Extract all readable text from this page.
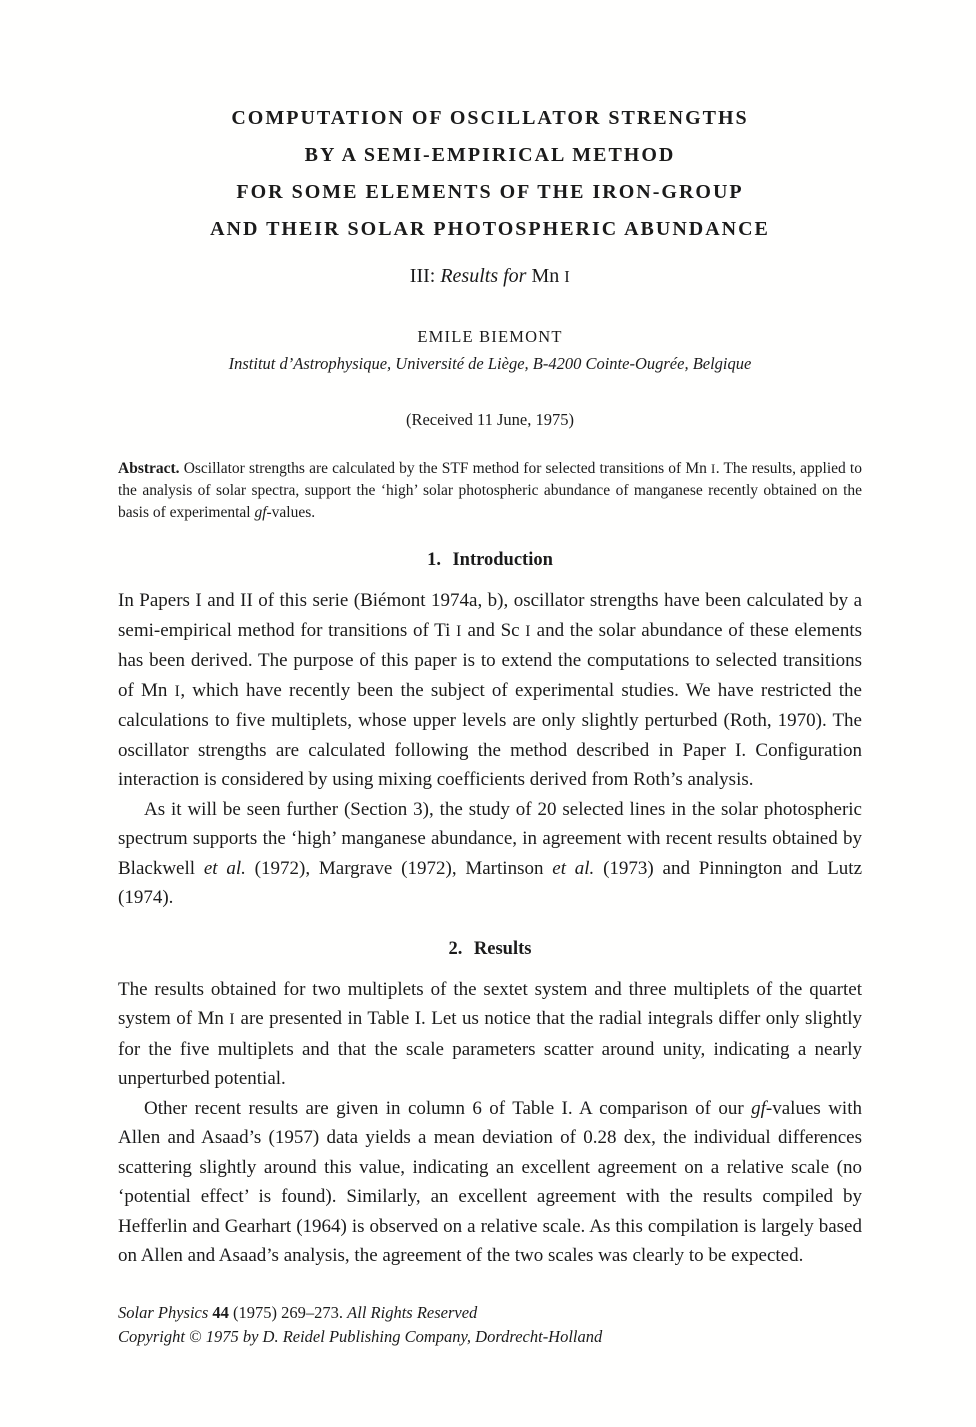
COMPUTATION OF OSCILLATOR STRENGTHS
BY A SEMI-EMPIRICAL METHOD
FOR SOME ELEMENTS OF THE IRON-GROUP
AND THEIR SOLAR PHOTOSPHERIC ABUNDANCE
III: Results for Mn I
EMILE BIEMONT
Institut d’Astrophysique, Université de Liège, B-4200 Cointe-Ougrée, Belgique
(Received 11 June, 1975)
Abstract. Oscillator strengths are calculated by the STF method for selected transitions of Mn I. The results, applied to the analysis of solar spectra, support the ‘high’ solar photospheric abundance of manganese recently obtained on the basis of experimental gf-values.
1. Introduction

In Papers I and II of this serie (Biémont 1974a, b), oscillator strengths have been calculated by a semi-empirical method for transitions of Ti I and Sc I and the solar abundance of these elements has been derived. The purpose of this paper is to extend the computations to selected transitions of Mn I, which have recently been the subject of experimental studies. We have restricted the calculations to five multiplets, whose upper levels are only slightly perturbed (Roth, 1970). The oscillator strengths are calculated following the method described in Paper I. Configuration interaction is considered by using mixing coefficients derived from Roth’s analysis.

As it will be seen further (Section 3), the study of 20 selected lines in the solar photospheric spectrum supports the ‘high’ manganese abundance, in agreement with recent results obtained by Blackwell et al. (1972), Margrave (1972), Martinson et al. (1973) and Pinnington and Lutz (1974).

2. Results

The results obtained for two multiplets of the sextet system and three multiplets of the quartet system of Mn I are presented in Table I. Let us notice that the radial integrals differ only slightly for the five multiplets and that the scale parameters scatter around unity, indicating a nearly unperturbed potential.

Other recent results are given in column 6 of Table I. A comparison of our gf-values with Allen and Asaad’s (1957) data yields a mean deviation of 0.28 dex, the individual differences scattering slightly around this value, indicating an excellent agreement on a relative scale (no ‘potential effect’ is found). Similarly, an excellent agreement with the results compiled by Hefferlin and Gearhart (1964) is observed on a relative scale. As this compilation is largely based on Allen and Asaad’s analysis, the agreement of the two scales was clearly to be expected.

Solar Physics 44 (1975) 269–273. All Rights Reserved
Copyright © 1975 by D. Reidel Publishing Company, Dordrecht-Holland
